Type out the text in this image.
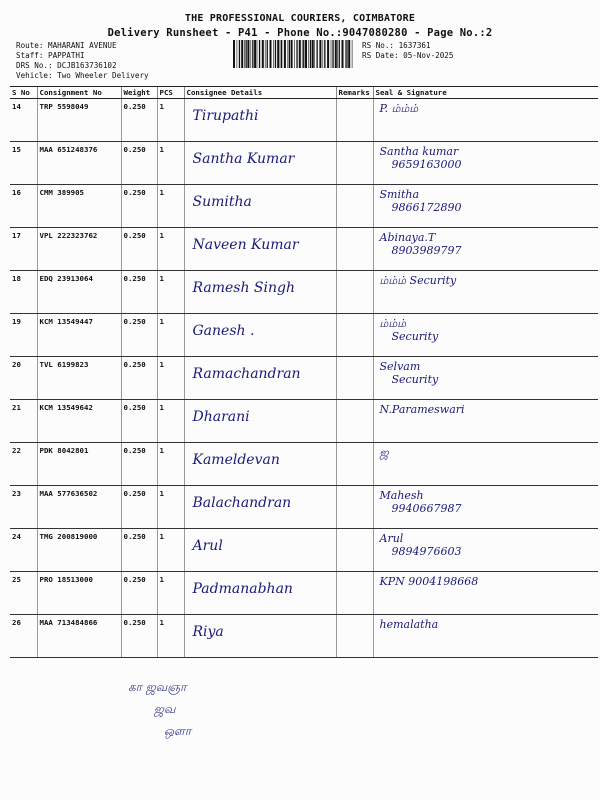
THE PROFESSIONAL COURIERS, COIMBATORE
Delivery Runsheet - P41 - Phone No.:9047080280 - Page No.:2
Route: MAHARANI AVENUE
Staff: PAPPATHI
DRS No.: DCJB163736102
Vehicle: Two Wheeler Delivery
RS No.: 1637361
RS Date: 05-Nov-2025
S No	Consignment No	Weight	PCS	Consignee Details	Remarks	Seal & Signature
14	TRP 5598049	0.250	1	Tirupathi		P. ம்ம்ம்

15	MAA 651248376	0.250	1	Santha Kumar		Santha kumar
9659163000

16	CMM 389905	0.250	1	Sumitha		Smitha
9866172890

17	VPL 222323762	0.250	1	Naveen Kumar		Abinaya.T
8903989797

18	EDQ 23913064	0.250	1	Ramesh Singh		ம்ம்ம் Security

19	KCM 13549447	0.250	1	Ganesh .		ம்ம்ம்
Security

20	TVL 6199823	0.250	1	Ramachandran		Selvam
Security

21	KCM 13549642	0.250	1	Dharani		N.Parameswari

22	PDK 8042801	0.250	1	Kameldevan		ஜ

23	MAA 577636502	0.250	1	Balachandran		Mahesh
9940667987

24	TMG 200819000	0.250	1	Arul		Arul
9894976603

25	PRO 18513000	0.250	1	Padmanabhan		KPN 9004198668

26	MAA 713484866	0.250	1	Riya		hemalatha
கா ஜவஞா
ஜவ
ஒளா
